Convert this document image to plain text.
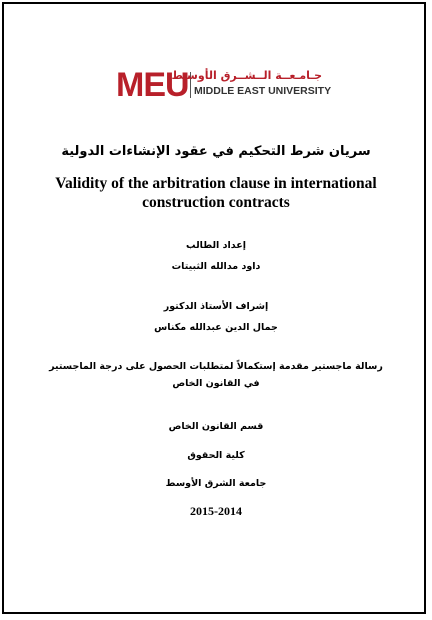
MEU
جـامـعــة الــشــرق الأوسـط
MIDDLE EAST UNIVERSITY
سريان شرط التحكيم في عقود الإنشاءات الدولية
Validity of the arbitration clause in international construction contracts
إعداد الطالب
داود مدالله الثبيتات
إشراف الأستاذ الدكتور
جمال الدين عبدالله مكناس
رسالة ماجستير مقدمة إستكمالاً لمتطلبات الحصول على درجة الماجستير
في القانون الخاص
قسم القانون الخاص
كلية الحقوق
جامعة الشرق الأوسط
2015-2014
